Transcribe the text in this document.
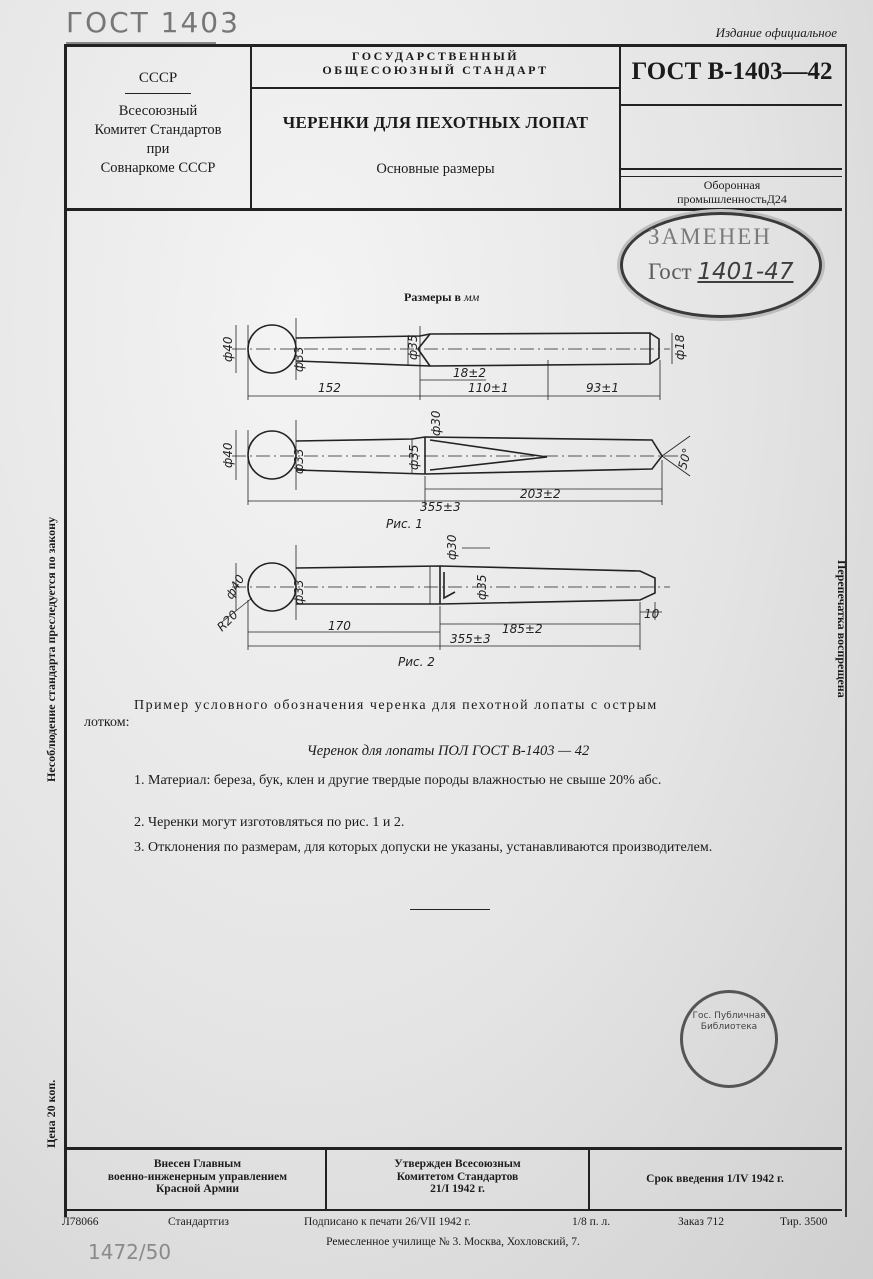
ГОСТ 1403	Издание официальное
СССР
Всесоюзный
Комитет Стандартов
при
Совнаркоме СССР
ГОСУДАРСТВЕННЫЙ
ОБЩЕСОЮЗНЫЙ СТАНДАРТ
ЧЕРЕНКИ ДЛЯ ПЕХОТНЫХ ЛОПАТ
Основные размеры
ГОСТ В-1403—42
Оборонная
промышленностьД24
ЗАМЕНЕН
Гост 1401-47
Несоблюдение стандарта преследуется по закону
Цена 20 коп.
Перепечатка воспрещена
Размеры в мм
ф40	ф33	ф35	ф18
152	110±1	93±1
18±2
ф40	ф33	ф35
ф30
50°
355±3
203±2
Рис. 1
ф40	ф33	ф35
ф30
R20	170	185±2
10
355±3
Рис. 2
Пример условного обозначения черенка для пехотной лопаты с острым
лотком:
Черенок для лопаты ПОЛ ГОСТ В-1403 — 42
1. Материал: береза, бук, клен и другие твердые породы влажностью не свыше 20% абс.
2. Черенки могут изготовляться по рис. 1 и 2.
3. Отклонения по размерам, для которых допуски не указаны, устанавливаются производителем.
Гос. Публичная Библиотека
Внесен Главным
военно-инженерным управлением
Красной Армии
Утвержден Всесоюзным
Комитетом Стандартов
21/I 1942 г.
Срок введения 1/IV 1942 г.
Л78066	Стандартгиз	Подписано к печати 26/VII 1942 г.	1/8 п. л.	Заказ 712	Тир. 3500
Ремесленное училище № 3. Москва, Хохловский, 7.
1472/50
